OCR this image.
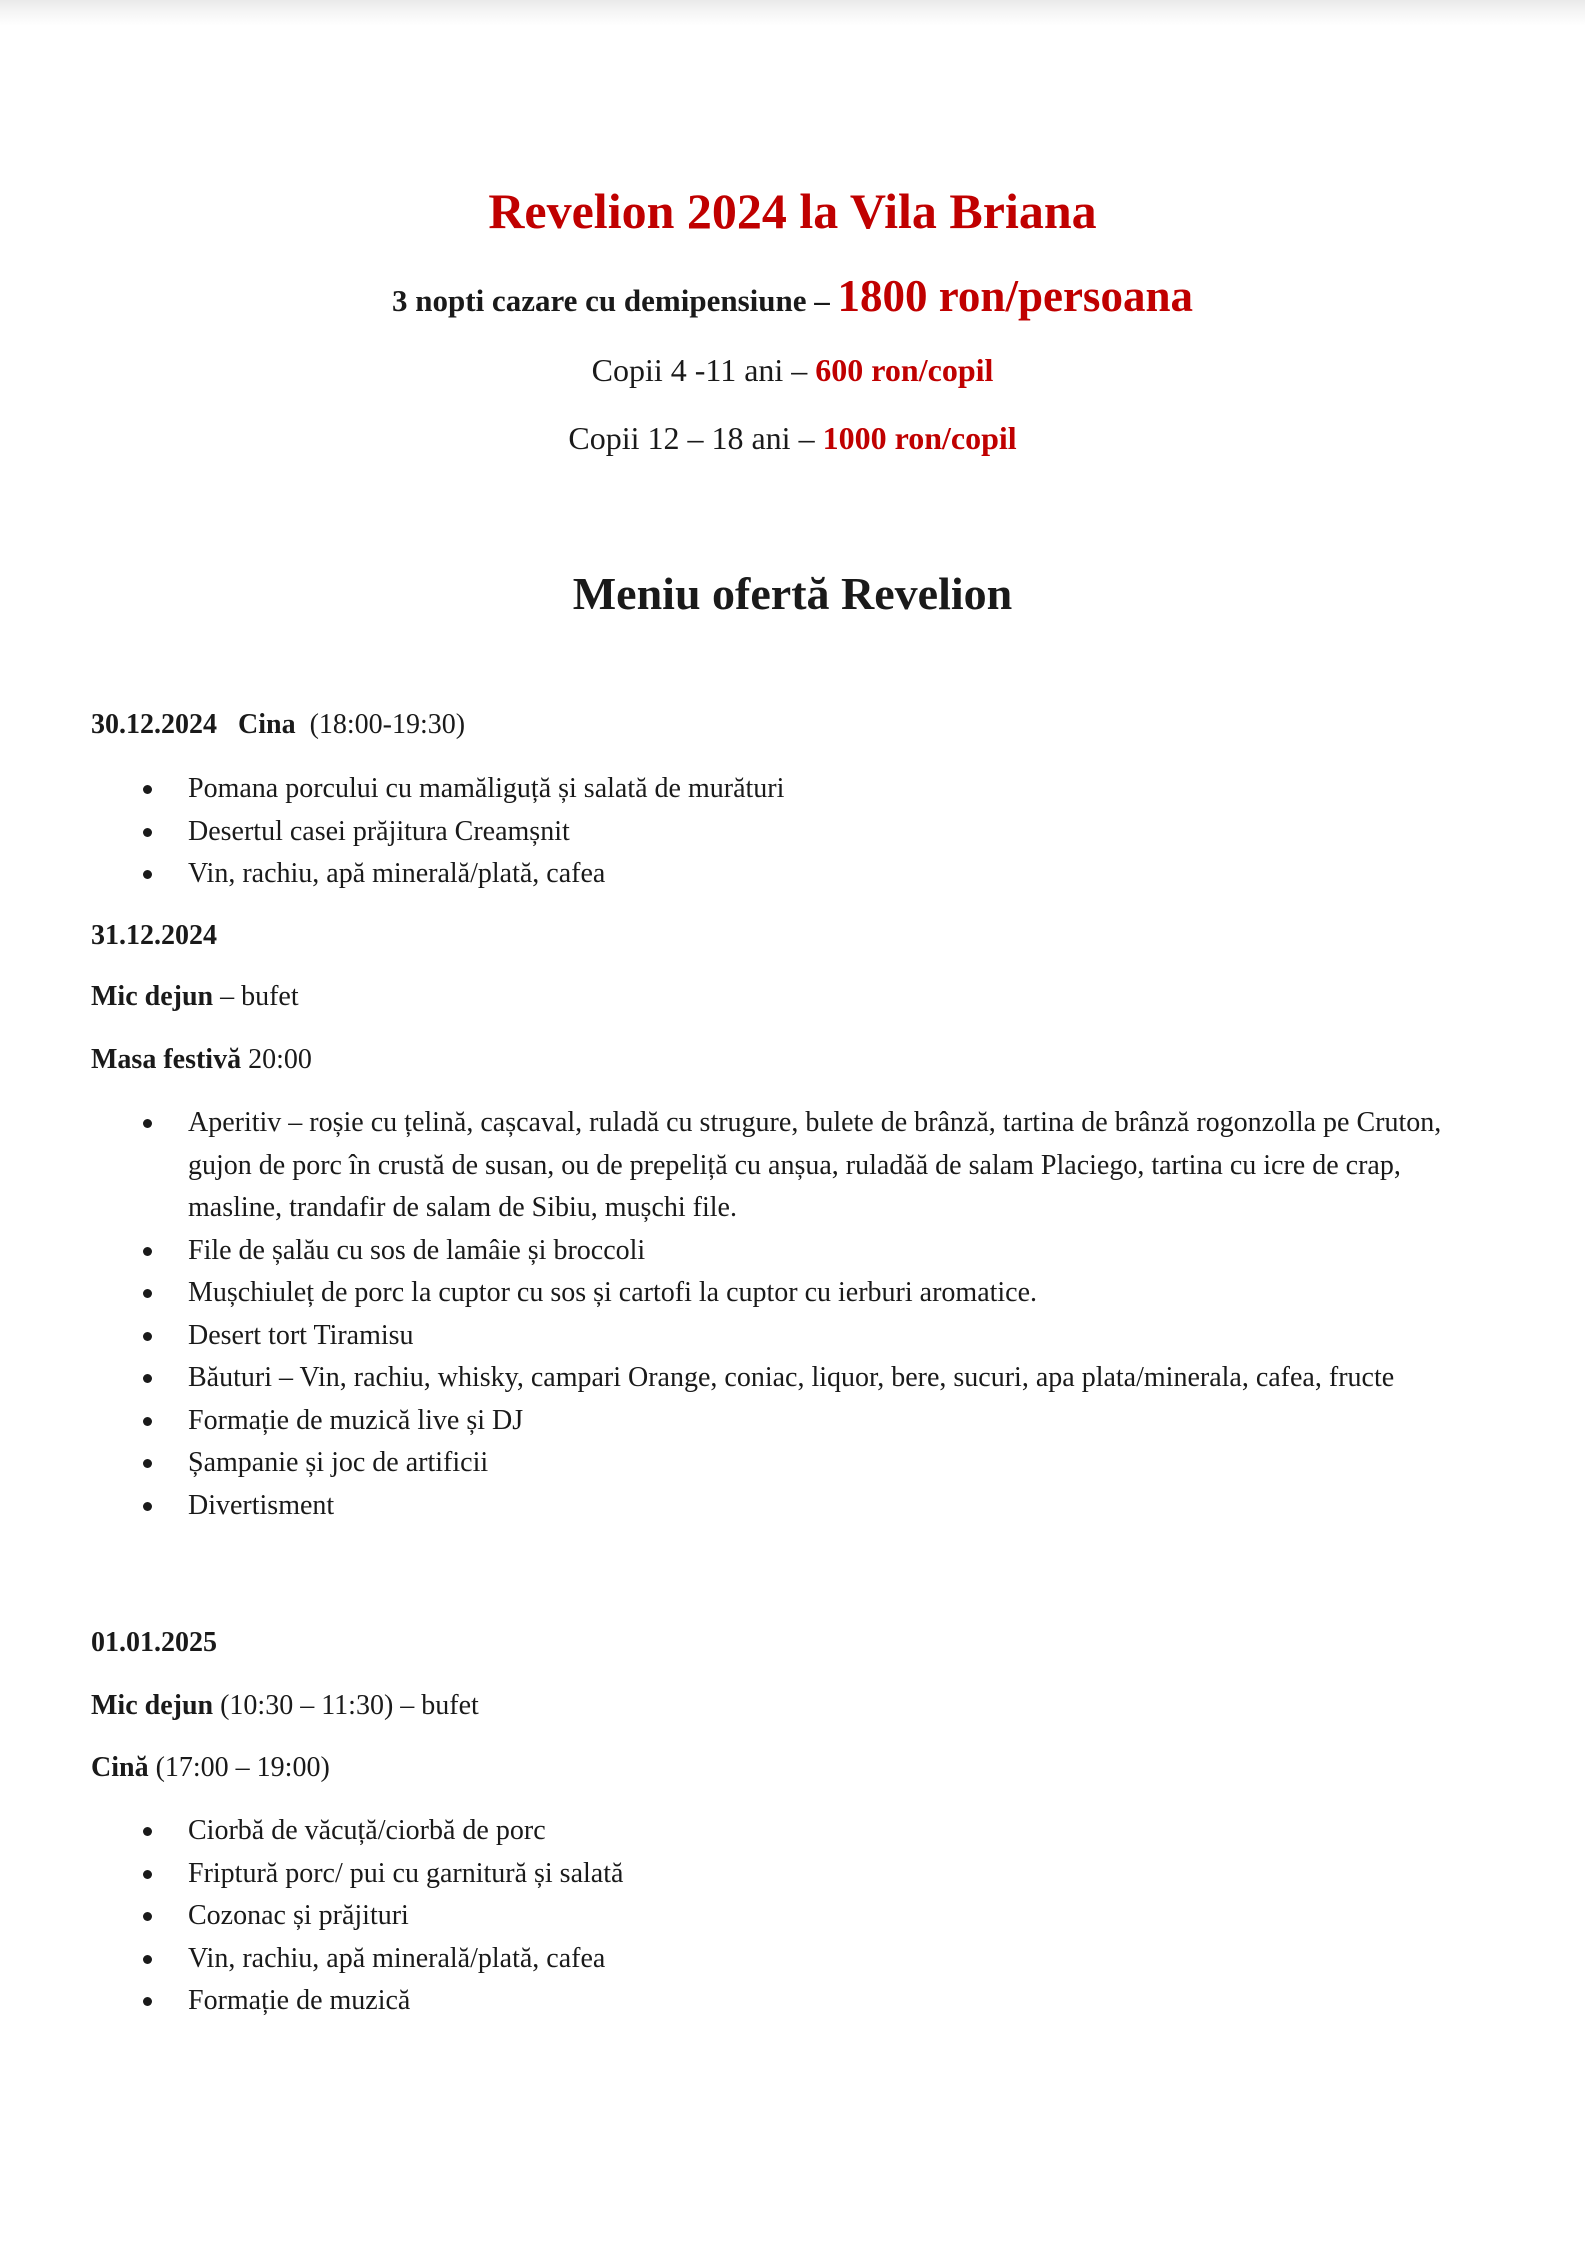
Revelion 2024 la Vila Briana
3 nopti cazare cu demipensiune – 1800 ron/persoana
Copii 4 -11 ani – 600 ron/copil
Copii 12 – 18 ani – 1000 ron/copil
Meniu ofertă Revelion
30.12.2024 Cina (18:00-19:30)
Pomana porcului cu mamăliguță și salată de murături
Desertul casei prăjitura Creamșnit
Vin, rachiu, apă minerală/plată, cafea
31.12.2024
Mic dejun – bufet
Masa festivă 20:00
Aperitiv – roșie cu țelină, cașcaval, ruladă cu strugure, bulete de brânză, tartina de brânză rogonzolla pe Cruton, gujon de porc în crustă de susan, ou de prepeliță cu anșua, ruladăă de salam Placiego, tartina cu icre de crap, masline, trandafir de salam de Sibiu, mușchi file.
File de șalău cu sos de lamâie și broccoli
Mușchiuleț de porc la cuptor cu sos și cartofi la cuptor cu ierburi aromatice.
Desert tort Tiramisu
Băuturi – Vin, rachiu, whisky, campari Orange, coniac, liquor, bere, sucuri, apa plata/minerala, cafea, fructe
Formație de muzică live și DJ
Șampanie și joc de artificii
Divertisment
01.01.2025
Mic dejun (10:30 – 11:30) – bufet
Cină (17:00 – 19:00)
Ciorbă de văcuță/ciorbă de porc
Friptură porc/ pui cu garnitură și salată
Cozonac și prăjituri
Vin, rachiu, apă minerală/plată, cafea
Formație de muzică
